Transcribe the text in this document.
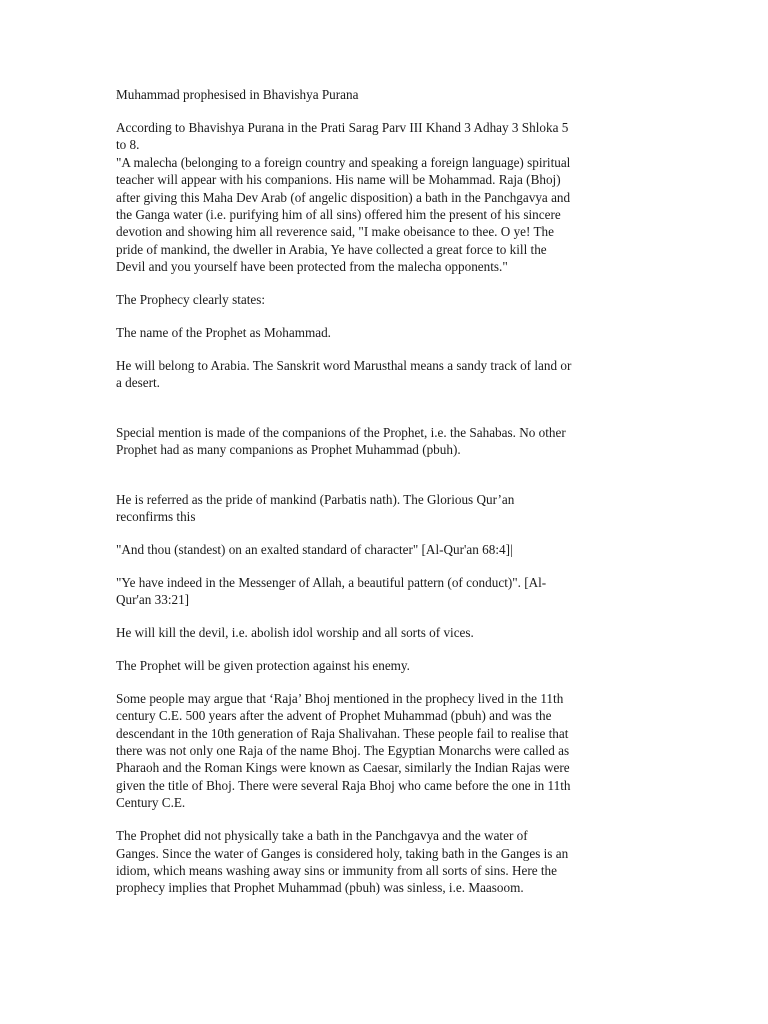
Muhammad prophesised in Bhavishya Purana

According to Bhavishya Purana in the Prati Sarag Parv III Khand 3 Adhay 3 Shloka 5
to 8.
"A malecha (belonging to a foreign country and speaking a foreign language) spiritual
teacher will appear with his companions. His name will be Mohammad. Raja (Bhoj)
after giving this Maha Dev Arab (of angelic disposition) a bath in the Panchgavya and
the Ganga water (i.e. purifying him of all sins) offered him the present of his sincere
devotion and showing him all reverence said, "I make obeisance to thee. O ye! The
pride of mankind, the dweller in Arabia, Ye have collected a great force to kill the
Devil and you yourself have been protected from the malecha opponents."

The Prophecy clearly states:

The name of the Prophet as Mohammad.

He will belong to Arabia. The Sanskrit word Marusthal means a sandy track of land or
a desert.

Special mention is made of the companions of the Prophet, i.e. the Sahabas. No other
Prophet had as many companions as Prophet Muhammad (pbuh).

He is referred as the pride of mankind (Parbatis nath). The Glorious Qur’an
reconfirms this

"And thou (standest) on an exalted standard of character" [Al-Qur'an 68:4]|

"Ye have indeed in the Messenger of Allah, a beautiful pattern (of conduct)". [Al-
Qur'an 33:21]

He will kill the devil, i.e. abolish idol worship and all sorts of vices.

The Prophet will be given protection against his enemy.

Some people may argue that ‘Raja’ Bhoj mentioned in the prophecy lived in the 11th
century C.E. 500 years after the advent of Prophet Muhammad (pbuh) and was the
descendant in the 10th generation of Raja Shalivahan. These people fail to realise that
there was not only one Raja of the name Bhoj. The Egyptian Monarchs were called as
Pharaoh and the Roman Kings were known as Caesar, similarly the Indian Rajas were
given the title of Bhoj. There were several Raja Bhoj who came before the one in 11th
Century C.E.

The Prophet did not physically take a bath in the Panchgavya and the water of
Ganges. Since the water of Ganges is considered holy, taking bath in the Ganges is an
idiom, which means washing away sins or immunity from all sorts of sins. Here the
prophecy implies that Prophet Muhammad (pbuh) was sinless, i.e. Maasoom.
